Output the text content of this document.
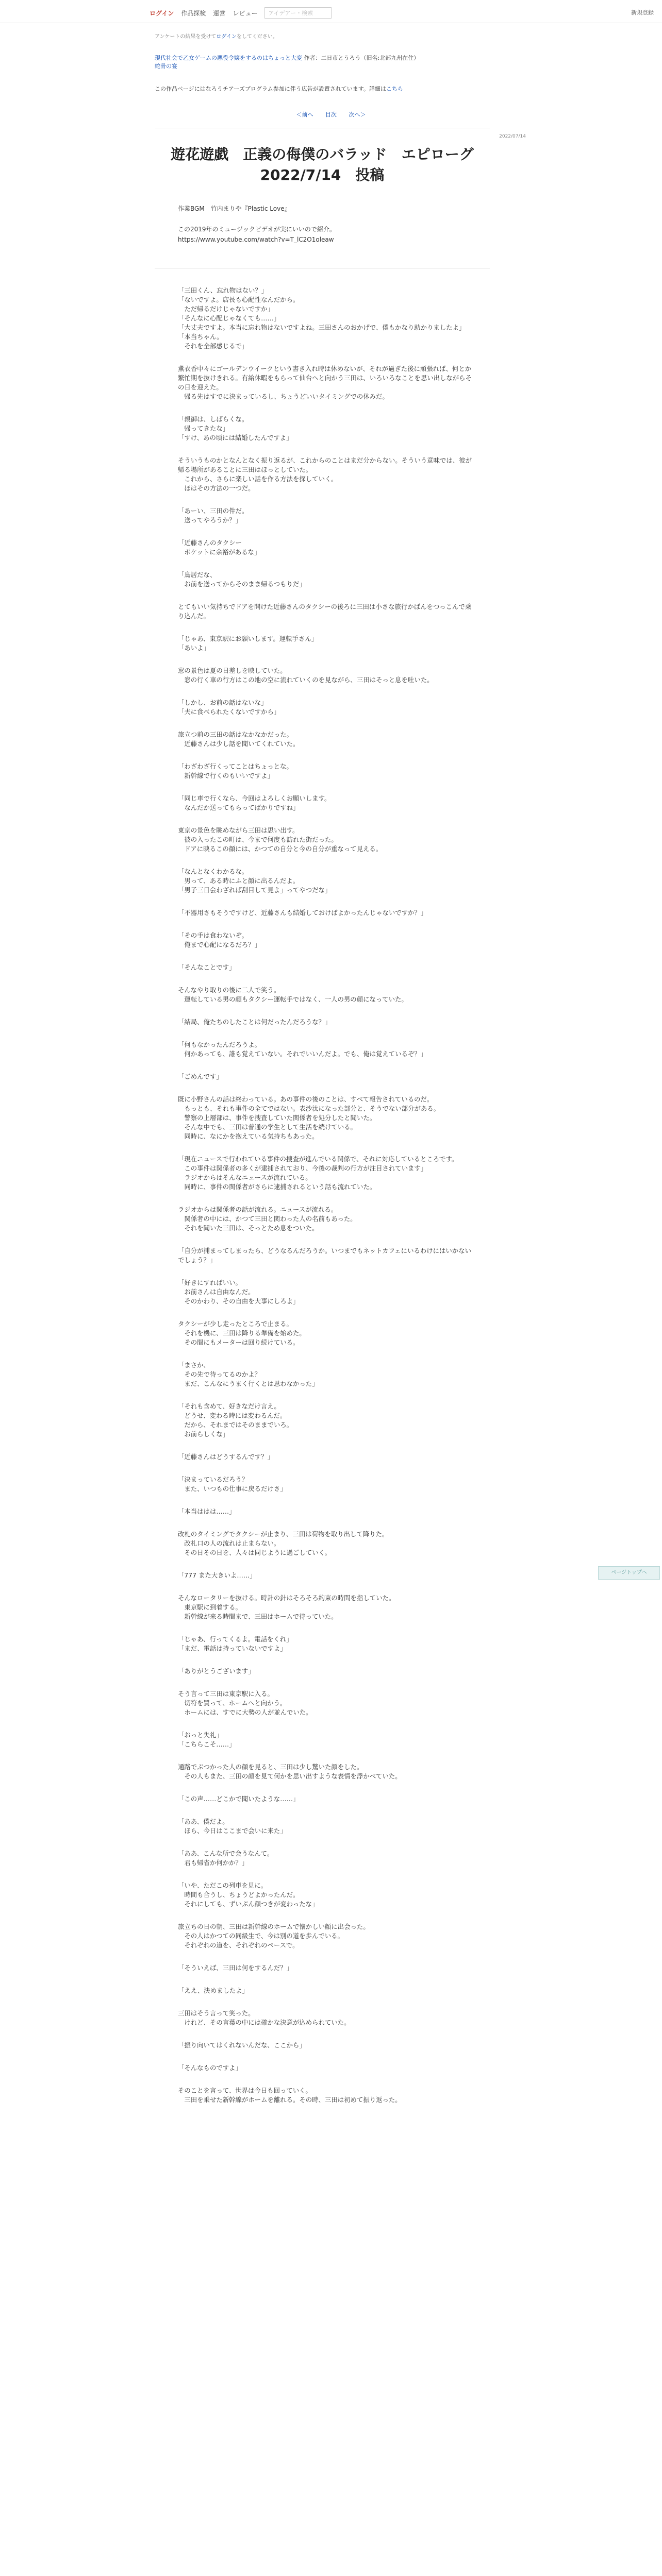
ログイン 作品探検 運営 レビュー
アイデアー・検索	新規登録
アンケートの結果を受けてログインをしてください。
現代社会で乙女ゲームの悪役令嬢をするのはちょっと大変 作者：二日市とうろう（旧名:北部九州在住）
蛇骨の宴
この作品ページにはなろうチアーズプログラム参加に伴う広告が設置されています。詳細はこちら
＜前へ 目次 次へ＞
2022/07/14
遊花遊戯　正義の侮僕のバラッド　エピローグ
2022/7/14　投稿
作業BGM　竹内まりや『Plastic Love』
この2019年のミュージックビデオが実にいいので紹介。
https://www.youtube.com/watch?v=T_lC2O1oleaw

「三田くん、忘れ物はない？」
「ないですよ。店長も心配性なんだから。
　ただ帰るだけじゃないですか」
「そんなに心配じゃなくても……」
「大丈夫ですよ。本当に忘れ物はないですよね。三田さんのおかげで、僕もかなり助かりましたよ」
「本当ちゃん。
　それを全部感じるで」

薫衣香中々にゴールデンウイークという書き入れ時は休めないが、それが過ぎた後に頑張れば、何とか繁忙期を抜けきれる。有給休暇をもらって仙台へと向かう三田は、いろいろなことを思い出しながらその日を迎えた。
　帰る先はすでに決まっているし、ちょうどいいタイミングでの休みだ。

「親御は、しばらくな。
　帰ってきたな」
「すけ、あの頃には結婚したんですよ」

そういうものかとなんとなく振り返るが、これからのことはまだ分からない。そういう意味では、彼が帰る場所があることに三田はほっとしていた。
　これから、さらに楽しい話を作る方法を探していく。
　ほはその方法の一つだ。

「あーい、三田の件だ。
　送ってやろうか？」

「近藤さんのタクシー
　ポケットに余裕があるな」

「鳥居だな、
　お前を送ってからそのまま帰るつもりだ」

とてもいい気持ちでドアを開けた近藤さんのタクシーの後ろに三田は小さな旅行かばんをつっこんで乗り込んだ。

「じゃあ、東京駅にお願いします。運転手さん」
「あいよ」

窓の景色は夏の日差しを映していた。
　窓の行く車の行方はこの地の空に流れていくのを見ながら、三田はそっと息を吐いた。

「しかし、お前の話はないな」
「夫に食べられたくないですから」

旅立つ前の三田の話はなかなかだった。
　近藤さんは少し話を聞いてくれていた。

「わざわざ行くってことはちょっとな。
　新幹線で行くのもいいですよ」

「同じ車で行くなら、今回はよろしくお願いします。
　なんだか送ってもらってばかりですね」

東京の景色を眺めながら三田は思い出す。
　彼の入ったこの町は、今まで何度も訪れた街だった。
　ドアに映るこの顔には、かつての自分と今の自分が重なって見える。

「なんとなくわかるな。
　男って、ある時にふと顔に出るんだよ。
「男子三日会わざれば刮目して見よ」ってやつだな」

「不器用さもそうですけど、近藤さんも結婚しておけばよかったんじゃないですか？」

「その手は食わないぞ。
　俺まで心配になるだろ？」

「そんなことです」

そんなやり取りの後に二人で笑う。
　運転している男の顔もタクシー運転手ではなく、一人の男の顔になっていた。

「結局、俺たちのしたことは何だったんだろうな？」

「何もなかったんだろうよ。
　何かあっても、誰も覚えていない。それでいいんだよ。でも、俺は覚えているぞ？」

「ごめんです」

既に小野さんの話は終わっている。あの事件の後のことは、すべて報告されているのだ。
　もっとも、それも事件の全てではない。表沙汰になった部分と、そうでない部分がある。
　警察の上層部は、事件を捜査していた関係者を処分したと聞いた。
　そんな中でも、三田は普通の学生として生活を続けている。
　同時に、なにかを抱えている気持ちもあった。

「現在ニュースで行われている事件の捜査が進んでいる関係で、それに対応しているところです。
　この事件は関係者の多くが逮捕されており、今後の裁判の行方が注目されています」
　ラジオからはそんなニュースが流れている。
　同時に、事件の関係者がさらに逮捕されるという話も流れていた。

ラジオからは関係者の話が流れる。ニュースが流れる。
　関係者の中には、かつて三田と関わった人の名前もあった。
　それを聞いた三田は、そっとため息をついた。

「自分が捕まってしまったら、どうなるんだろうか。いつまでもネットカフェにいるわけにはいかないでしょう？」

「好きにすればいい。
　お前さんは自由なんだ。
　そのかわり、その自由を大事にしろよ」

タクシーが少し走ったところで止まる。
　それを機に、三田は降りる準備を始めた。
　その間にもメーターは回り続けている。

「まさか、
　その先で待ってるのかよ？
　まだ、こんなにうまく行くとは思わなかった」

「それも含めて、好きなだけ言え。
　どうせ、変わる時には変わるんだ。
　だから、それまではそのままでいろ。
　お前らしくな」

「近藤さんはどうするんです？」

「決まっているだろう？
　また、いつもの仕事に戻るだけさ」

「本当ははは……」

改札のタイミングでタクシーが止まり、三田は荷物を取り出して降りた。
　改札口の人の流れは止まらない。
　その日その日を、人々は同じように過ごしていく。

「777 また大きいよ……」

そんなロータリーを抜ける。時計の針はそろそろ約束の時間を指していた。
　東京駅に到着する。
　新幹線が来る時間まで、三田はホームで待っていた。

「じゃあ、行ってくるよ。電話をくれ」
「まだ、電話は持っていないですよ」

「ありがとうございます」

そう言って三田は東京駅に入る。
　切符を買って、ホームへと向かう。
　ホームには、すでに大勢の人が並んでいた。

「おっと失礼」
「こちらこそ……」

通路でぶつかった人の顔を見ると、三田は少し驚いた顔をした。
　その人もまた、三田の顔を見て何かを思い出すような表情を浮かべていた。

「この声……どこかで聞いたような……」

「ああ、僕だよ。
　ほら、今日はここまで会いに来た」

「ああ、こんな所で会うなんて。
　君も帰省か何かか？」

「いや、ただこの列車を見に。
　時間も合うし、ちょうどよかったんだ。
　それにしても、ずいぶん顔つきが変わったな」

旅立ちの日の朝、三田は新幹線のホームで懐かしい顔に出会った。
　その人はかつての同級生で、今は別の道を歩んでいる。
　それぞれの道を、それぞれのペースで。

「そういえば、三田は何をするんだ？」

「ええ、決めましたよ」

三田はそう言って笑った。
　けれど、その言葉の中には確かな決意が込められていた。

「振り向いてはくれないんだな、ここから」

「そんなものですよ」

そのことを言って、世界は今日も回っていく。
　三田を乗せた新幹線がホームを離れる。その時、三田は初めて振り返った。

ページトップへ
